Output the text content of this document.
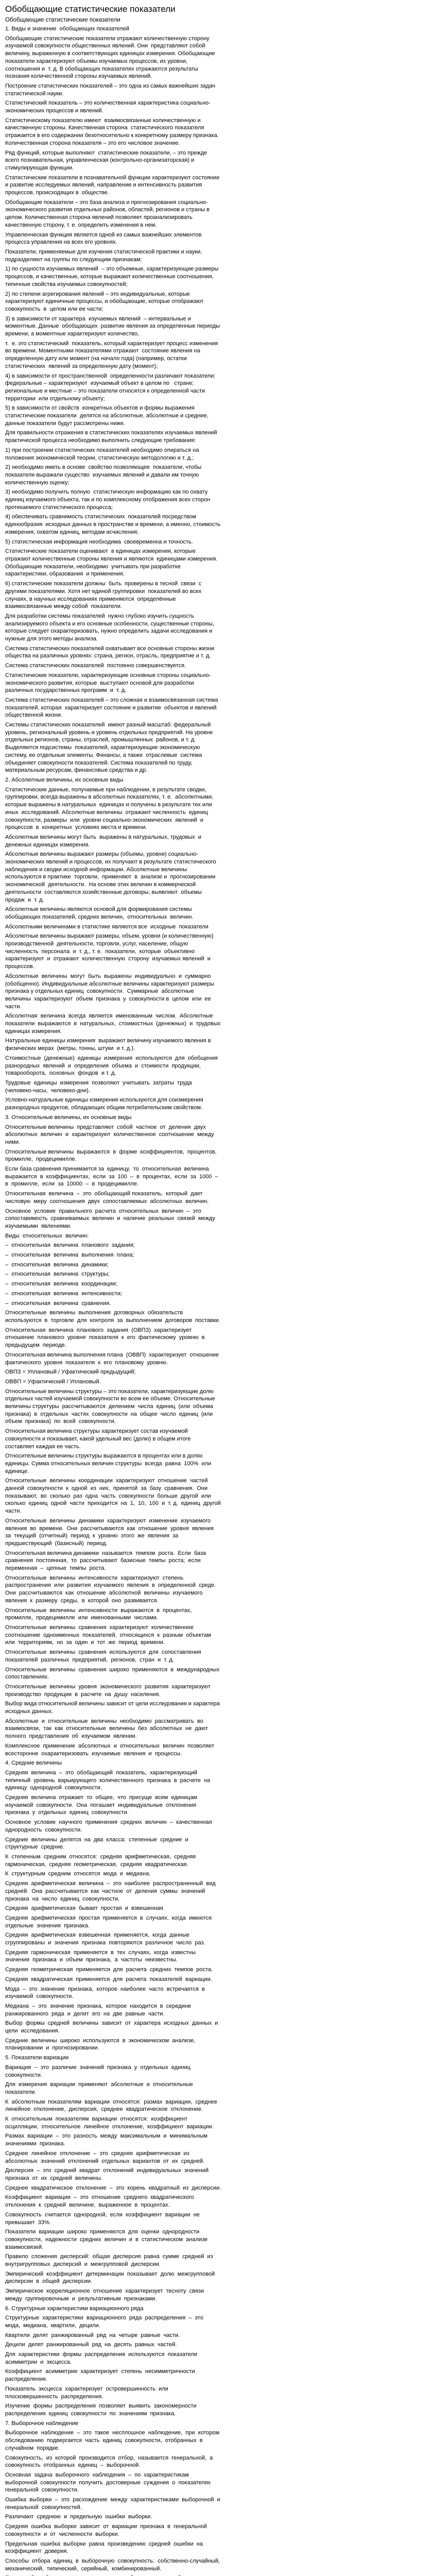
Обобщающие статистические показатели
Обобщающие статистические показатели

1. Виды и значение  обобщающих показателей

Обобщающие статистические показатели отражают количественную сторону изучаемой совокупности общественных явлений. Они  представляют собой  величину, выраженную в соответствующих единицах измерения. Обобщающие показатели характеризуют объемы изучаемых процессов, их уровни, соотношения и  т. д. В обобщающих показателях отражаются результаты познания количественной стороны изучаемых явлений.

Построение статистических показателей – это одна из самых важнейших задач статистической науки.

Статистический показатель – это количественная характеристика социально-экономических процессов и явлений.

Статистическому показателю имеют  взаимосвязанные количественную и качественную стороны. Качественная сторона  статистического показателя отражается в его содержании безотносительно к конкретному размеру признака. Количественная сторона показателя – это его числовое значение.

Ряд функций, которые выполняют  статистические показатели, – это прежде всего познавательная, управленческая (контрольно-организаторская) и стимулирующая функции.

Статистические показатели в познавательной функции характеризуют состояние  и развитие исследуемых явлений, направление и интенсивность развития процессов, происходящих в  обществе.

Обобщающие показатели – это база анализа и прогнозирования социально-экономического развития отдельных районов, областей, регионов и страны в целом. Количественная сторона явлений позволяет проанализировать качественную сторону, т. е. определить изменения в нем.

Управленческая функция является одной из самых важнейших элементов процесса управления на всех его уровнях.

Показатели, применяемые для изучения статистической практики и науки, подразделяют на группы по следующим признакам:

1) по сущности изучаемых явлений  – это объемные, характеризующие размеры процессов, и качественные, которые выражают количественные соотношения, типичные свойства изучаемых совокупностей;

2) по степени агрегирования явлений – это индивидуальные, которые характеризуют единичные процессы, и обобщающие, которые отображают совокупность  в  целом или ее части;

3) в зависимости от характера  изучаемых явлений  – интервальные и моментные. Данные  обобщающих  развитие явления за определенные периоды времени, а моментные характеризуют количество,

т.  е. это статистический  показатель, который характеризует процесс изменения во времени. Моментными показателями отражают  состояние явления на определенную дату или момент (на начало года) (например, остатки  статистических  явлений за определенную дату (момент);

4) в зависимости от пространственной  определенности различают показатели: федеральные – характеризуют  изучаемый объект в целом по   стране; региональные и местные – это показатели относятся к определенной части территории  или отдельному объекту;

5) в зависимости от свойств  конкретных объектов и формы выражения статистические показатели  делятся на абсолютные, абсолютные и средние, данные показатели будут рассмотрены ниже.

Для правильности отражения в статистических показателях изучаемых явлений практической процесса необходимо выполнить следующие требования:

1) при построении статистических показателей необходимо опираться на положения экономической теории, статистическую методологию и т. д.;

2) необходимо иметь в основе  свойство позволяющее  показатели, чтобы показатели выражали существо  изучаемых явлений и давали им точную количественную оценку;

3) необходимо получить полную  статистическую информацию как по охвату единиц изучаемого объекта, так и по комплексному отображения всех сторон протекаемого статистического процесса;

4) обеспечивать сравнимость статистических  показателей посредством единообразия  исходных данных в пространстве и времени, а именно, стоимость измерения, охватом единиц, методам исчисления;

5) статистическая информация необходима  своевременна и точность.

Статистические показатели оценивают  в единицах измерения, которые отражают количественные стороны явления и являются  единицами измерения. Обобщающие показатели, необходимо  учитывать при разработке  характеристики, образования  и применения.

6) статистические показатели должны  быть  проверены в тесной  связи  с  другими показателями. Хотя нет единой группировки  показателей во всех случаях, в научных исследованиях применяются  определённые  взаимосвязанные между собой  показатели.

Для разработки системы показателей  нужно глубоко изучить сущность анализируемого объекта и его основные особенности, существенные стороны, которые следует охарактеризовать, нужно определить задачи исследования и нужные для этого методы анализа.

Система статистических показателей охватывает все основные стороны жизни общества на различных уровнях: страна, регион, отрасль, предприятие и т. д.

Система статистических показателей  постоянно совершенствуется.

Статистические показатели, характеризующие основные стороны социально-экономического развития, которые  выступают основой для разработки  различных государственных программ  и  т. д.

Система статистических показателей – это сложная и взаимосвязанная система показателей, которая  характеризует состояние и развитие  объектов и явлений общественной жизни.

Системы статистических показателей  имеют разный масштаб: федеральный уровень, региональный уровень и уровень отдельных предприятий. На уровне отдельных регионов, страны, отраслей, промышленных  районов, и т. д. Выделяются подсистемы  показателей, характеризующие экономическую систему, ее отдельные элементы. Финансы, а также  отраслевые  система объединяет совокупности показателей. Система показателей по труду, материальным ресурсам, финансовые средства и др.

2. Абсолютные величины, их основные виды

Статистические данные, получаемые при наблюдении, в результате сводки, группировки, всегда выражены в абсолютных показателях, т. е.  абсолютными, которые выражены в натуральных  единицах и получены в результате тех или иных  исследований. Абсолютные величины  отражают численность  единиц совокупности, размеры  или  уровни социально-экономических  явлений  и  процессов  в  конкретных  условиях места и времени.

Абсолютные величины могут быть  выражены в натуральных, трудовых  и денежных единицах измерения.

Абсолютные величины выражают размеры (объемы, уровни) социально-экономических явлений и процессов, их получают в результате статистического наблюдения и сводки исходной информации. Абсолютные величины используются в практике  торговли,  применяют  в  анализе и  прогнозировании  экономической  деятельности.  На основе этих величин в коммерческой деятельности  составляются хозяйственные договоры, выявляют  объемы  продаж  и  т. д.

Абсолютные величины являются основой для формирования системы обобщающих показателей, средних величин,  относительных  величин.

Абсолютными величинами в статистике являются все  исходные  показатели

Абсолютные величины выражают размеры, объем, уровни (и количественную) производственной  деятельности, торговли, услуг, население, общую  численность  персонала  и  т. д., т. е.  показатели,  которые  объективно  характеризуют  и  отражают  количественную  сторону  изучаемых явлений  и  процессов.

Абсолютные  величины  могут  быть  выражены  индивидуально  и  суммарно  (обобщенно). Индивидуальные абсолютные величины характеризуют размеры признака у отдельных единиц  совокупности.  Суммарные  абсолютные  величины  характеризуют  объем  признака  у  совокупности в  целом  или  ее  части.

Абсолютная  величина  всегда  является  именованным  числом.  Абсолютные  показатели  выражаются  в  натуральных,  стоимостных  (денежных)  и  трудовых  единицах измерения.

Натуральные единицы измерения  выражают величину изучаемого явления в физических мерах  (метры, тонны, штуки  и т. д.).

Стоимостные  (денежные)  единицы  измерения  используются  для  обобщения  разнородных  явлений  и  определения  объема  и  стоимости  продукции,  товарооборота,  основных  фондов  и т. д.

Трудовые  единицы  измерения  позволяют  учитывать  затраты  труда  (человеко-часы,  человеко-дни).

Условно-натуральные единицы измерения используются для соизмерения разнородных продуктов, обладающих общим потребительским свойством.

3. Относительные величины, их основные виды

Относительные величины  представляют  собой  частное  от  деления  двух  абсолютных  величин  и  характеризуют  количественное  соотношение  между  ними.

Относительные величины  выражаются  в  форме  коэффициентов,  процентов,  промилле,  продецимилле.

Если база сравнения принимается за  единицу,  то  относительная  величина  выражается  в  коэффициентах,  если  за  100  –  в  процентах,  если  за  1000  –  в  промилле,  если  за  10000  –  в  продецимилле.

Относительная  величина  –  это  обобщающий показатель,  который  дает числовую  меру  соотношения  двух  сопоставляемых  абсолютных  величин.

Основное  условие  правильного  расчета  относительных  величин  –  это  сопоставимость  сравниваемых  величин  и  наличие  реальных  связей  между  изучаемыми  явлениями.

Виды  относительных  величин:

–  относительная  величина  планового  задания;

–  относительная  величина  выполнения  плана;

–  относительная  величина  динамики;

–  относительная  величина  структуры;

–  относительная  величина  координации;

–  относительная  величина  интенсивности;

–  относительная  величина  сравнения.

Относительные  величины  выполнения  договорных  обязательств  используются  в  торговле  для  контроля  за  выполнением  договоров  поставки.

Относительная  величина  планового  задания  (ОВПЗ)  характеризует  отношение  планового  уровня  показателя  к  его  фактическому  уровню  в  предыдущем  периоде.

Относительная величина выполнения плана  (ОВВП)  характеризует  отношение  фактического  уровня  показателя  к  его  плановому  уровню.

ОВПЗ = Уплановый / Уфактический предыдущий;

ОВВП = Уфактический / Уплановый.

Относительные величины структуры – это показатели, характеризующие долю отдельных частей изучаемой совокупности во всем ее объеме. Относительные величины структуры  рассчитываются  делением  числа  единиц  (или  объема  признака)  в  отдельных  частях  совокупности  на  общее  число  единиц  (или  объем  признака)  по  всей  совокупности.

Относительная величина структуры характеризует состав изучаемой совокупности и показывает, какой удельный вес (долю) в общем итоге составляет каждая ее часть.

Относительные величины структуры выражаются в процентах или в долях единицы. Сумма относительных величин структуры  всегда  равна  100%  или  единице.

Относительные  величины  координации  характеризуют  отношение  частей  данной  совокупности  к  одной  из  них,  принятой  за  базу  сравнения.  Они  показывают,  во  сколько  раз  одна  часть  совокупности  больше  другой  или  сколько  единиц  одной  части  приходится  на  1,  10,  100  и  т. д.  единиц  другой  части.

Относительные  величины  динамики  характеризуют  изменение  изучаемого  явления  во  времени.  Они  рассчитываются  как  отношение  уровня  явления  за  текущий  (отчетный)  период  к  уровню  этого  же  явления  за  предшествующий  (базисный)  период.

Относительная величина динамики  называется  темпом  роста.  Если  база  сравнения  постоянная,  то  рассчитывают  базисные  темпы  роста;  если  переменная  –  цепные  темпы  роста.

Относительные  величины  интенсивности  характеризуют  степень  распространения  или  развития  изучаемого  явления  в  определенной  среде.  Они  рассчитываются  как  отношение  абсолютной  величины  изучаемого  явления  к  размеру  среды,  в  которой  оно  развивается.

Относительные  величины  интенсивности  выражаются  в  процентах,  промилле,  продецимилле  или  именованными  числами.

Относительные  величины  сравнения  характеризуют  количественное  соотношение  одноименных  показателей,  относящихся  к  разным  объектам  или  территориям,  но  за  один  и  тот  же  период  времени.

Относительные  величины  сравнения  используются  для  сопоставления  показателей  различных  предприятий,  регионов,  стран  и  т. д.

Относительные  величины  сравнения  широко  применяются  в  международных  сопоставлениях.

Относительные  величины  уровня  экономического  развития  характеризуют  производство  продукции  в  расчете  на  душу  населения.

Выбор вида относительной величины зависит от цели исследования и характера исходных данных.

Абсолютные  и  относительные  величины  необходимо  рассматривать  во  взаимосвязи,  так  как  относительные  величины  без  абсолютных  не  дают  полного  представления  об  изучаемом  явлении.

Комплексное  применение  абсолютных  и  относительных  величин  позволяет  всесторонне  охарактеризовать  изучаемые  явления  и  процессы.

4. Средние величины

Средняя  величина  –  это  обобщающий  показатель,  характеризующий  типичный  уровень  варьирующего  количественного  признака  в  расчете  на  единицу  однородной  совокупности.

Средняя  величина  отражает  то  общее,  что  присуще  всем  единицам  изучаемой  совокупности.  Она  погашает  индивидуальные  отклонения  признака  у  отдельных  единиц  совокупности.

Основное  условие  научного  применения  средних  величин  –  качественная  однородность  совокупности.

Средние  величины  делятся  на  два  класса:  степенные  средние  и  структурные  средние.

К  степенным  средним  относятся:  средняя  арифметическая,  средняя  гармоническая,  средняя  геометрическая,  средняя  квадратическая.

К  структурным  средним  относятся  мода  и  медиана.

Средняя  арифметическая  величина  –  это  наиболее  распространенный  вид  средней.  Она  рассчитывается  как  частное  от  деления  суммы  значений  признака  на  число  единиц  совокупности.

Средняя  арифметическая  бывает  простая  и  взвешенная.

Средняя  арифметическая  простая  применяется  в  случаях,  когда  имеются  отдельные  значения  признака.

Средняя  арифметическая  взвешенная  применяется,  когда  данные  сгруппированы  и  значения  признака  повторяются  различное  число  раз.

Средняя  гармоническая  применяется  в  тех  случаях,  когда  известны  значения  признака  и  объем  признака,  а  частоты  неизвестны.

Средняя  геометрическая  применяется  для  расчета  средних  темпов  роста.

Средняя  квадратическая  применяется  для  расчета  показателей  вариации.

Мода  –  это  значение  признака,  которое  наиболее  часто  встречается  в  изучаемой  совокупности.

Медиана  –  это  значение  признака,  которое  находится  в  середине  ранжированного  ряда  и  делит  его  на  две  равные  части.

Выбор  формы  средней  величины  зависит  от  характера  исходных  данных  и  цели  исследования.

Средние  величины  широко  используются  в  экономическом  анализе,  планировании  и  прогнозировании.

5. Показатели вариации

Вариация  –  это  различие  значений  признака  у  отдельных  единиц  совокупности.

Для  измерения  вариации  применяют  абсолютные  и  относительные  показатели.

К  абсолютным  показателям  вариации  относятся:  размах  вариации,  среднее  линейное  отклонение,  дисперсия,  среднее  квадратическое  отклонение.

К  относительным  показателям  вариации  относятся:  коэффициент  осцилляции,  относительное  линейное  отклонение,  коэффициент  вариации.

Размах  вариации  –  это  разность  между  максимальным  и  минимальным  значениями  признака.

Среднее  линейное  отклонение  –  это  средняя  арифметическая  из  абсолютных  значений  отклонений  отдельных  вариантов  от  их  средней.

Дисперсия  –  это  средний  квадрат  отклонений  индивидуальных  значений  признака  от  их  средней  величины.

Среднее  квадратическое  отклонение  –  это  корень  квадратный  из  дисперсии.

Коэффициент  вариации  –  это  отношение  среднего  квадратического  отклонения  к  средней  величине,  выраженное  в  процентах.

Совокупность  считается  однородной,  если  коэффициент  вариации  не  превышает  33%.

Показатели  вариации  широко  применяются  для  оценки  однородности  совокупности,  надежности  средних  величин  и  в  статистическом  анализе  взаимосвязей.

Правило  сложения  дисперсий:  общая  дисперсия  равна  сумме  средней  из  внутригрупповых  дисперсий  и  межгрупповой  дисперсии.

Эмпирический  коэффициент  детерминации  показывает  долю  межгрупповой  дисперсии  в  общей  дисперсии.

Эмпирическое  корреляционное  отношение  характеризует  тесноту  связи  между  группировочным  и  результативным  признаками.

6. Структурные характеристики вариационного ряда

Структурные  характеристики  вариационного  ряда  распределения  –  это  мода,  медиана,  квартили,  децили.

Квартили  делят  ранжированный  ряд  на  четыре  равные  части.

Децили  делят  ранжированный  ряд  на  десять  равных  частей.

Для  характеристики  формы  распределения  используются  показатели  асимметрии  и  эксцесса.

Коэффициент  асимметрии  характеризует  степень  несимметричности  распределения.

Показатель  эксцесса  характеризует  островершинность  или  плосковершинность  распределения.

Изучение  формы  распределения  позволяет  выявить  закономерности  распределения  единиц  совокупности  по  значениям  признака.

7. Выборочное наблюдение

Выборочное  наблюдение  –  это  такое  несплошное  наблюдение,  при  котором  обследованию  подвергается  часть  единиц  совокупности,  отобранных  в  случайном  порядке.

Совокупность,  из  которой  производится  отбор,  называется  генеральной,  а  совокупность  отобранных  единиц  –  выборочной.

Основная  задача  выборочного  наблюдения  –  по  характеристикам  выборочной  совокупности  получить  достоверные  суждения  о  показателях  генеральной  совокупности.

Ошибка  выборки  –  это  расхождение  между  характеристиками  выборочной  и  генеральной  совокупностей.

Различают  среднюю  и  предельную  ошибки  выборки.

Средняя  ошибка  выборки  зависит  от  вариации  признака  в  генеральной  совокупности  и  от  численности  выборки.

Предельная  ошибка  выборки  равна  произведению  средней  ошибки  на  коэффициент  доверия.

Способы  отбора  единиц  в  выборочную  совокупность:  собственно-случайный,  механический,  типический,  серийный,  комбинированный.
